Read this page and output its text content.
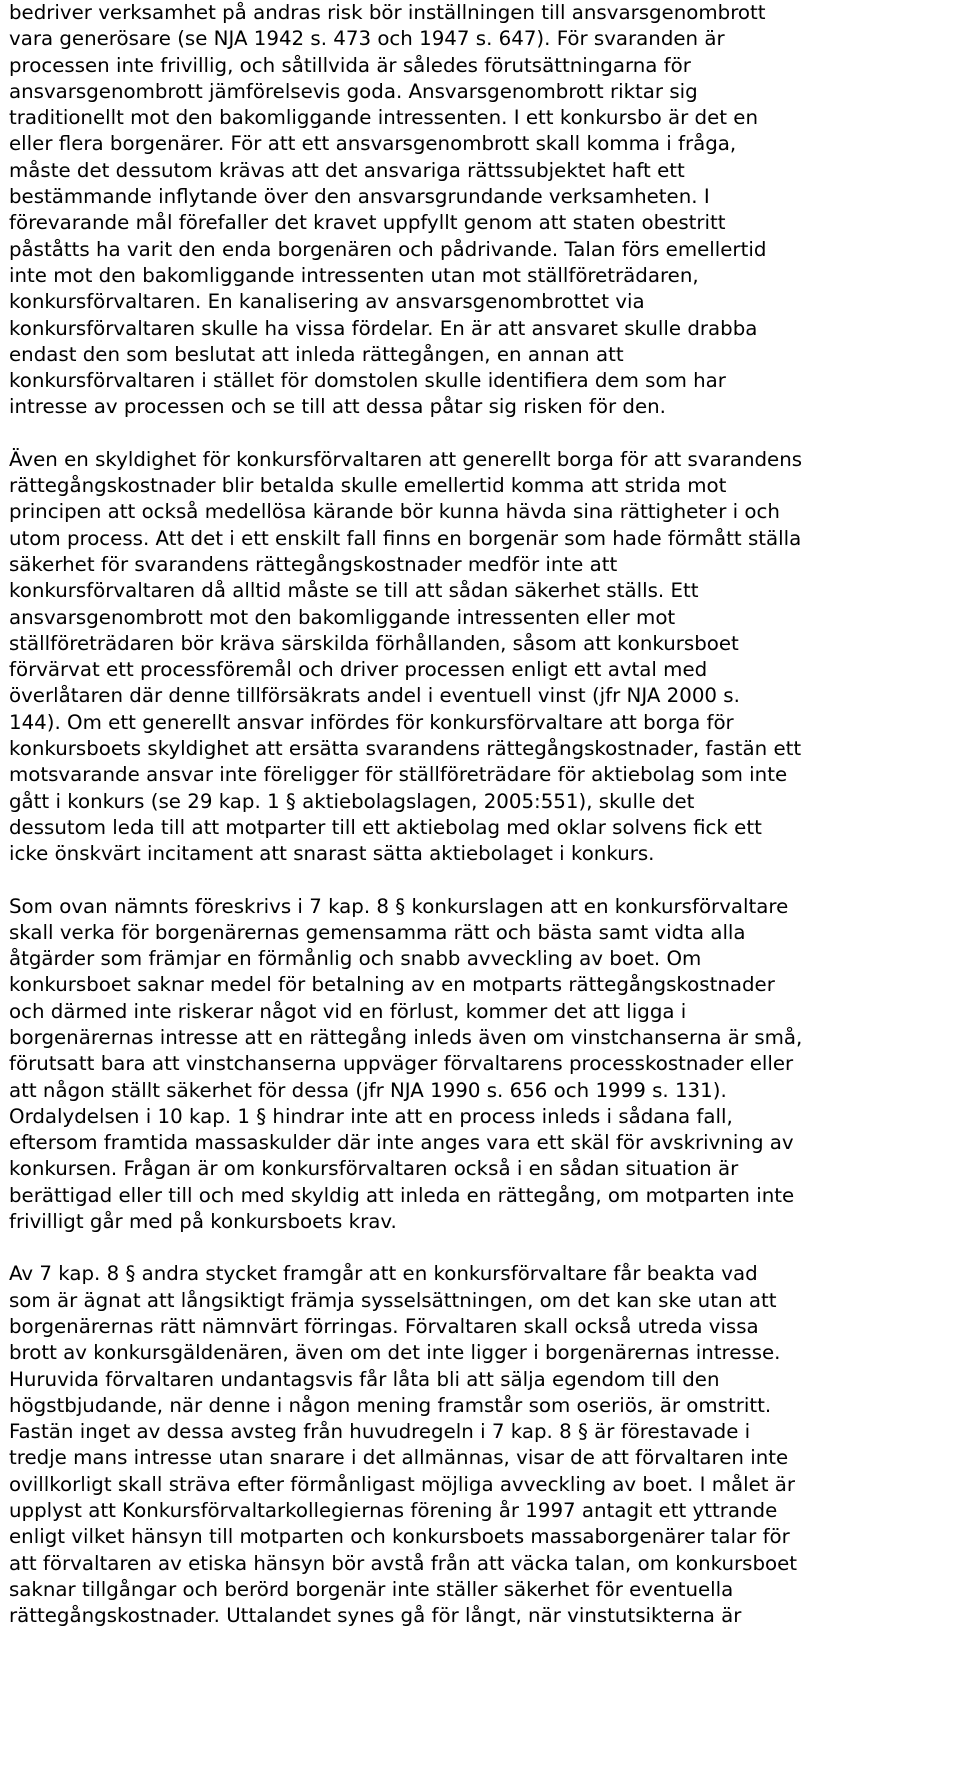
bedriver verksamhet på andras risk bör inställningen till ansvarsgenombrott
vara generösare (se NJA 1942 s. 473 och 1947 s. 647). För svaranden är
processen inte frivillig, och såtillvida är således förutsättningarna för
ansvarsgenombrott jämförelsevis goda. Ansvarsgenombrott riktar sig
traditionellt mot den bakomliggande intressenten. I ett konkursbo är det en
eller flera borgenärer. För att ett ansvarsgenombrott skall komma i fråga,
måste det dessutom krävas att det ansvariga rättssubjektet haft ett
bestämmande inflytande över den ansvarsgrundande verksamheten. I
förevarande mål förefaller det kravet uppfyllt genom att staten obestritt
påståtts ha varit den enda borgenären och pådrivande. Talan förs emellertid
inte mot den bakomliggande intressenten utan mot ställföreträdaren,
konkursförvaltaren. En kanalisering av ansvarsgenombrottet via
konkursförvaltaren skulle ha vissa fördelar. En är att ansvaret skulle drabba
endast den som beslutat att inleda rättegången, en annan att
konkursförvaltaren i stället för domstolen skulle identifiera dem som har
intresse av processen och se till att dessa påtar sig risken för den.

Även en skyldighet för konkursförvaltaren att generellt borga för att svarandens
rättegångskostnader blir betalda skulle emellertid komma att strida mot
principen att också medellösa kärande bör kunna hävda sina rättigheter i och
utom process. Att det i ett enskilt fall finns en borgenär som hade förmått ställa
säkerhet för svarandens rättegångskostnader medför inte att
konkursförvaltaren då alltid måste se till att sådan säkerhet ställs. Ett
ansvarsgenombrott mot den bakomliggande intressenten eller mot
ställföreträdaren bör kräva särskilda förhållanden, såsom att konkursboet
förvärvat ett processföremål och driver processen enligt ett avtal med
överlåtaren där denne tillförsäkrats andel i eventuell vinst (jfr NJA 2000 s.
144). Om ett generellt ansvar infördes för konkursförvaltare att borga för
konkursboets skyldighet att ersätta svarandens rättegångskostnader, fastän ett
motsvarande ansvar inte föreligger för ställföreträdare för aktiebolag som inte
gått i konkurs (se 29 kap. 1 § aktiebolagslagen, 2005:551), skulle det
dessutom leda till att motparter till ett aktiebolag med oklar solvens fick ett
icke önskvärt incitament att snarast sätta aktiebolaget i konkurs.

Som ovan nämnts föreskrivs i 7 kap. 8 § konkurslagen att en konkursförvaltare
skall verka för borgenärernas gemensamma rätt och bästa samt vidta alla
åtgärder som främjar en förmånlig och snabb avveckling av boet. Om
konkursboet saknar medel för betalning av en motparts rättegångskostnader
och därmed inte riskerar något vid en förlust, kommer det att ligga i
borgenärernas intresse att en rättegång inleds även om vinstchanserna är små,
förutsatt bara att vinstchanserna uppväger förvaltarens processkostnader eller
att någon ställt säkerhet för dessa (jfr NJA 1990 s. 656 och 1999 s. 131).
Ordalydelsen i 10 kap. 1 § hindrar inte att en process inleds i sådana fall,
eftersom framtida massaskulder där inte anges vara ett skäl för avskrivning av
konkursen. Frågan är om konkursförvaltaren också i en sådan situation är
berättigad eller till och med skyldig att inleda en rättegång, om motparten inte
frivilligt går med på konkursboets krav.

Av 7 kap. 8 § andra stycket framgår att en konkursförvaltare får beakta vad
som är ägnat att långsiktigt främja sysselsättningen, om det kan ske utan att
borgenärernas rätt nämnvärt förringas. Förvaltaren skall också utreda vissa
brott av konkursgäldenären, även om det inte ligger i borgenärernas intresse.
Huruvida förvaltaren undantagsvis får låta bli att sälja egendom till den
högstbjudande, när denne i någon mening framstår som oseriös, är omstritt.
Fastän inget av dessa avsteg från huvudregeln i 7 kap. 8 § är förestavade i
tredje mans intresse utan snarare i det allmännas, visar de att förvaltaren inte
ovillkorligt skall sträva efter förmånligast möjliga avveckling av boet. I målet är
upplyst att Konkursförvaltarkollegiernas förening år 1997 antagit ett yttrande
enligt vilket hänsyn till motparten och konkursboets massaborgenärer talar för
att förvaltaren av etiska hänsyn bör avstå från att väcka talan, om konkursboet
saknar tillgångar och berörd borgenär inte ställer säkerhet för eventuella
rättegångskostnader. Uttalandet synes gå för långt, när vinstutsikterna är
